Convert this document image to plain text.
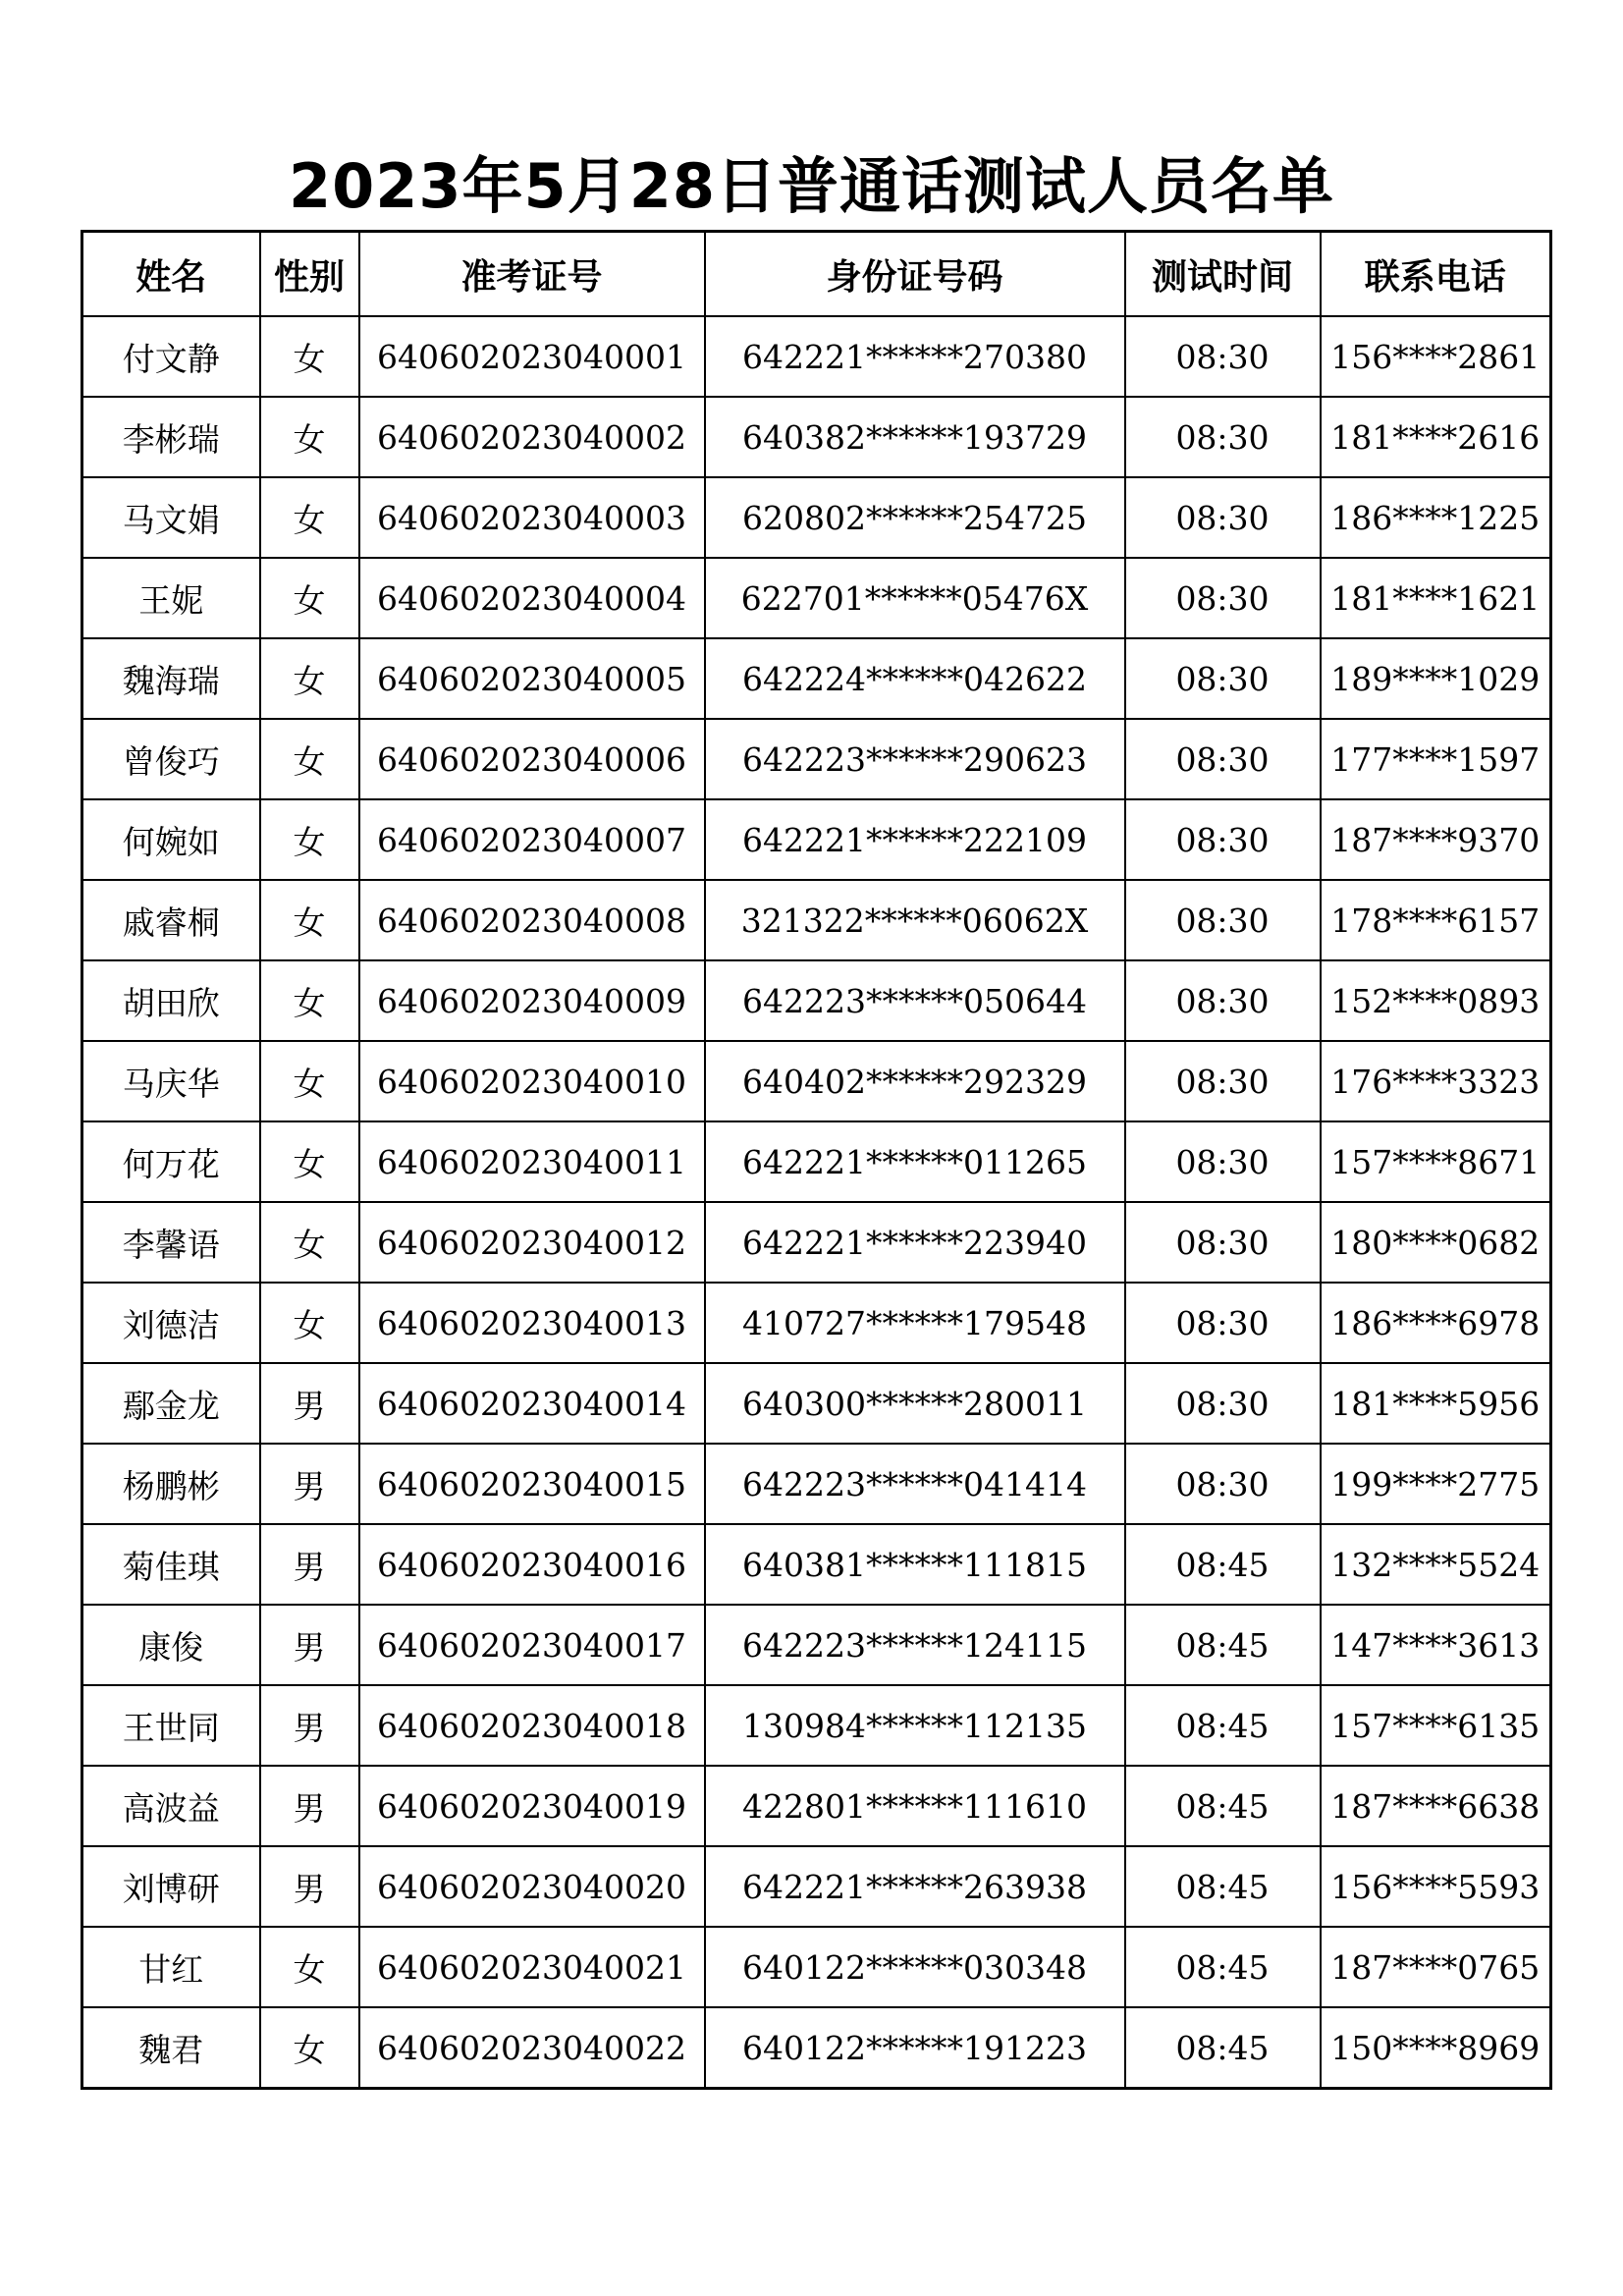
2023年5月28日普通话测试人员名单
姓名	性别	准考证号	身份证号码	测试时间	联系电话
付文静	女	640602023040001	642221******270380	08:30	156****2861
李彬瑞	女	640602023040002	640382******193729	08:30	181****2616
马文娟	女	640602023040003	620802******254725	08:30	186****1225
王妮	女	640602023040004	622701******05476X	08:30	181****1621
魏海瑞	女	640602023040005	642224******042622	08:30	189****1029
曾俊巧	女	640602023040006	642223******290623	08:30	177****1597
何婉如	女	640602023040007	642221******222109	08:30	187****9370
戚睿桐	女	640602023040008	321322******06062X	08:30	178****6157
胡田欣	女	640602023040009	642223******050644	08:30	152****0893
马庆华	女	640602023040010	640402******292329	08:30	176****3323
何万花	女	640602023040011	642221******011265	08:30	157****8671
李馨语	女	640602023040012	642221******223940	08:30	180****0682
刘德洁	女	640602023040013	410727******179548	08:30	186****6978
鄢金龙	男	640602023040014	640300******280011	08:30	181****5956
杨鹏彬	男	640602023040015	642223******041414	08:30	199****2775
菊佳琪	男	640602023040016	640381******111815	08:45	132****5524
康俊	男	640602023040017	642223******124115	08:45	147****3613
王世同	男	640602023040018	130984******112135	08:45	157****6135
高波益	男	640602023040019	422801******111610	08:45	187****6638
刘博研	男	640602023040020	642221******263938	08:45	156****5593
甘红	女	640602023040021	640122******030348	08:45	187****0765
魏君	女	640602023040022	640122******191223	08:45	150****8969
